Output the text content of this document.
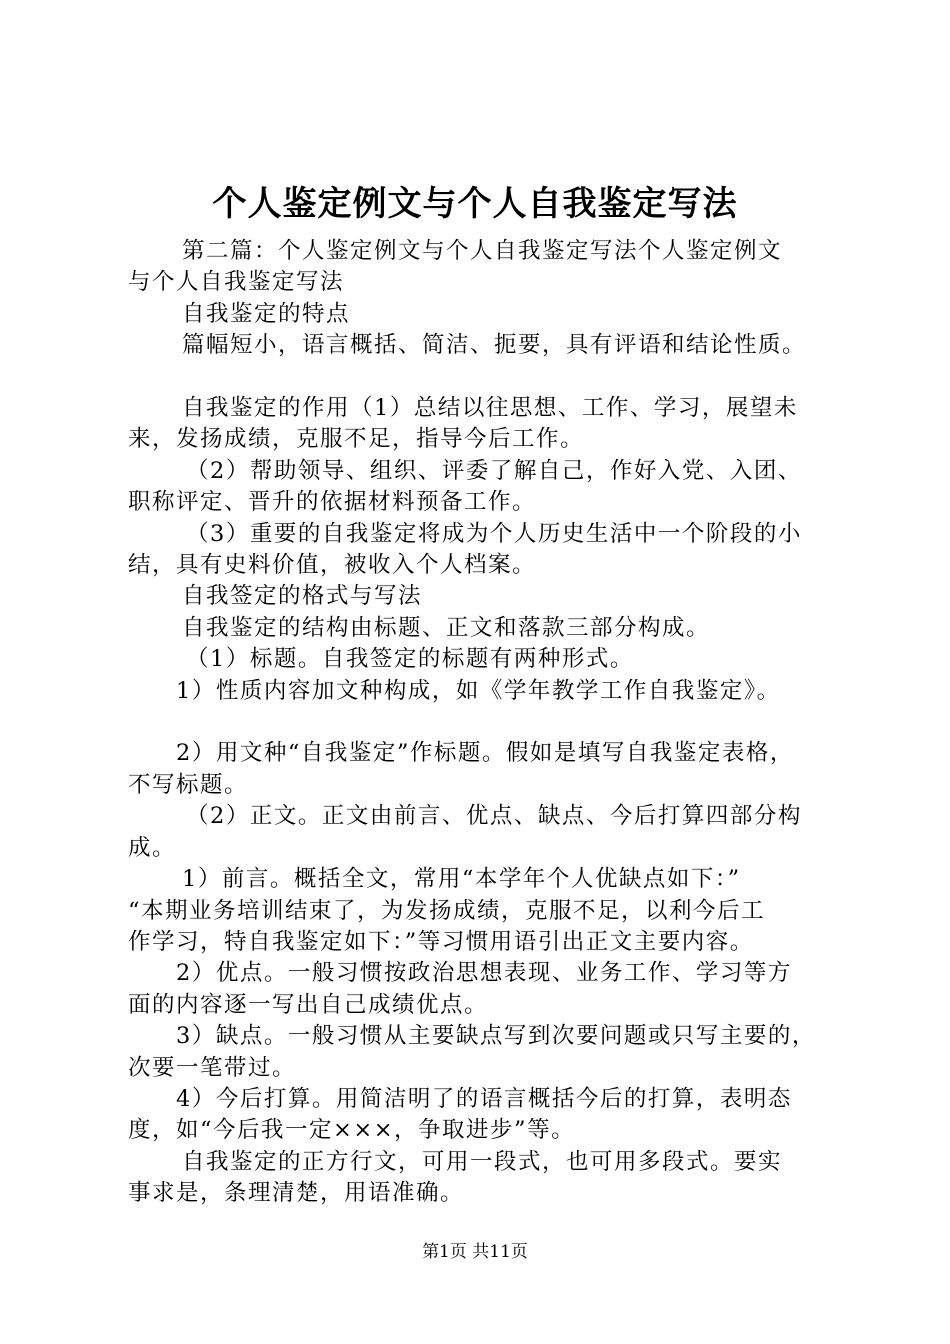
个人鉴定例文与个人自我鉴定写法

第二篇：个人鉴定例文与个人自我鉴定写法个人鉴定例文

与个人自我鉴定写法

自我鉴定的特点

篇幅短小，语言概括、简洁、扼要，具有评语和结论性质。

自我鉴定的作用（1）总结以往思想、工作、学习，展望未

来，发扬成绩，克服不足，指导今后工作。

（2）帮助领导、组织、评委了解自己，作好入党、入团、

职称评定、晋升的依据材料预备工作。

（3）重要的自我鉴定将成为个人历史生活中一个阶段的小

结，具有史料价值，被收入个人档案。

自我签定的格式与写法

自我鉴定的结构由标题、正文和落款三部分构成。

（1）标题。自我签定的标题有两种形式。

1）性质内容加文种构成，如《学年教学工作自我鉴定》。

2）用文种“自我鉴定”作标题。假如是填写自我鉴定表格，

不写标题。

（2）正文。正文由前言、优点、缺点、今后打算四部分构

成。

1）前言。概括全文，常用“本学年个人优缺点如下：”

“本期业务培训结束了，为发扬成绩，克服不足，以利今后工

作学习，特自我鉴定如下：”等习惯用语引出正文主要内容。

2）优点。一般习惯按政治思想表现、业务工作、学习等方

面的内容逐一写出自己成绩优点。

3）缺点。一般习惯从主要缺点写到次要问题或只写主要的，

次要一笔带过。

4）今后打算。用简洁明了的语言概括今后的打算，表明态

度，如“今后我一定×××，争取进步”等。

自我鉴定的正方行文，可用一段式，也可用多段式。要实

事求是，条理清楚，用语准确。

第1页 共11页
